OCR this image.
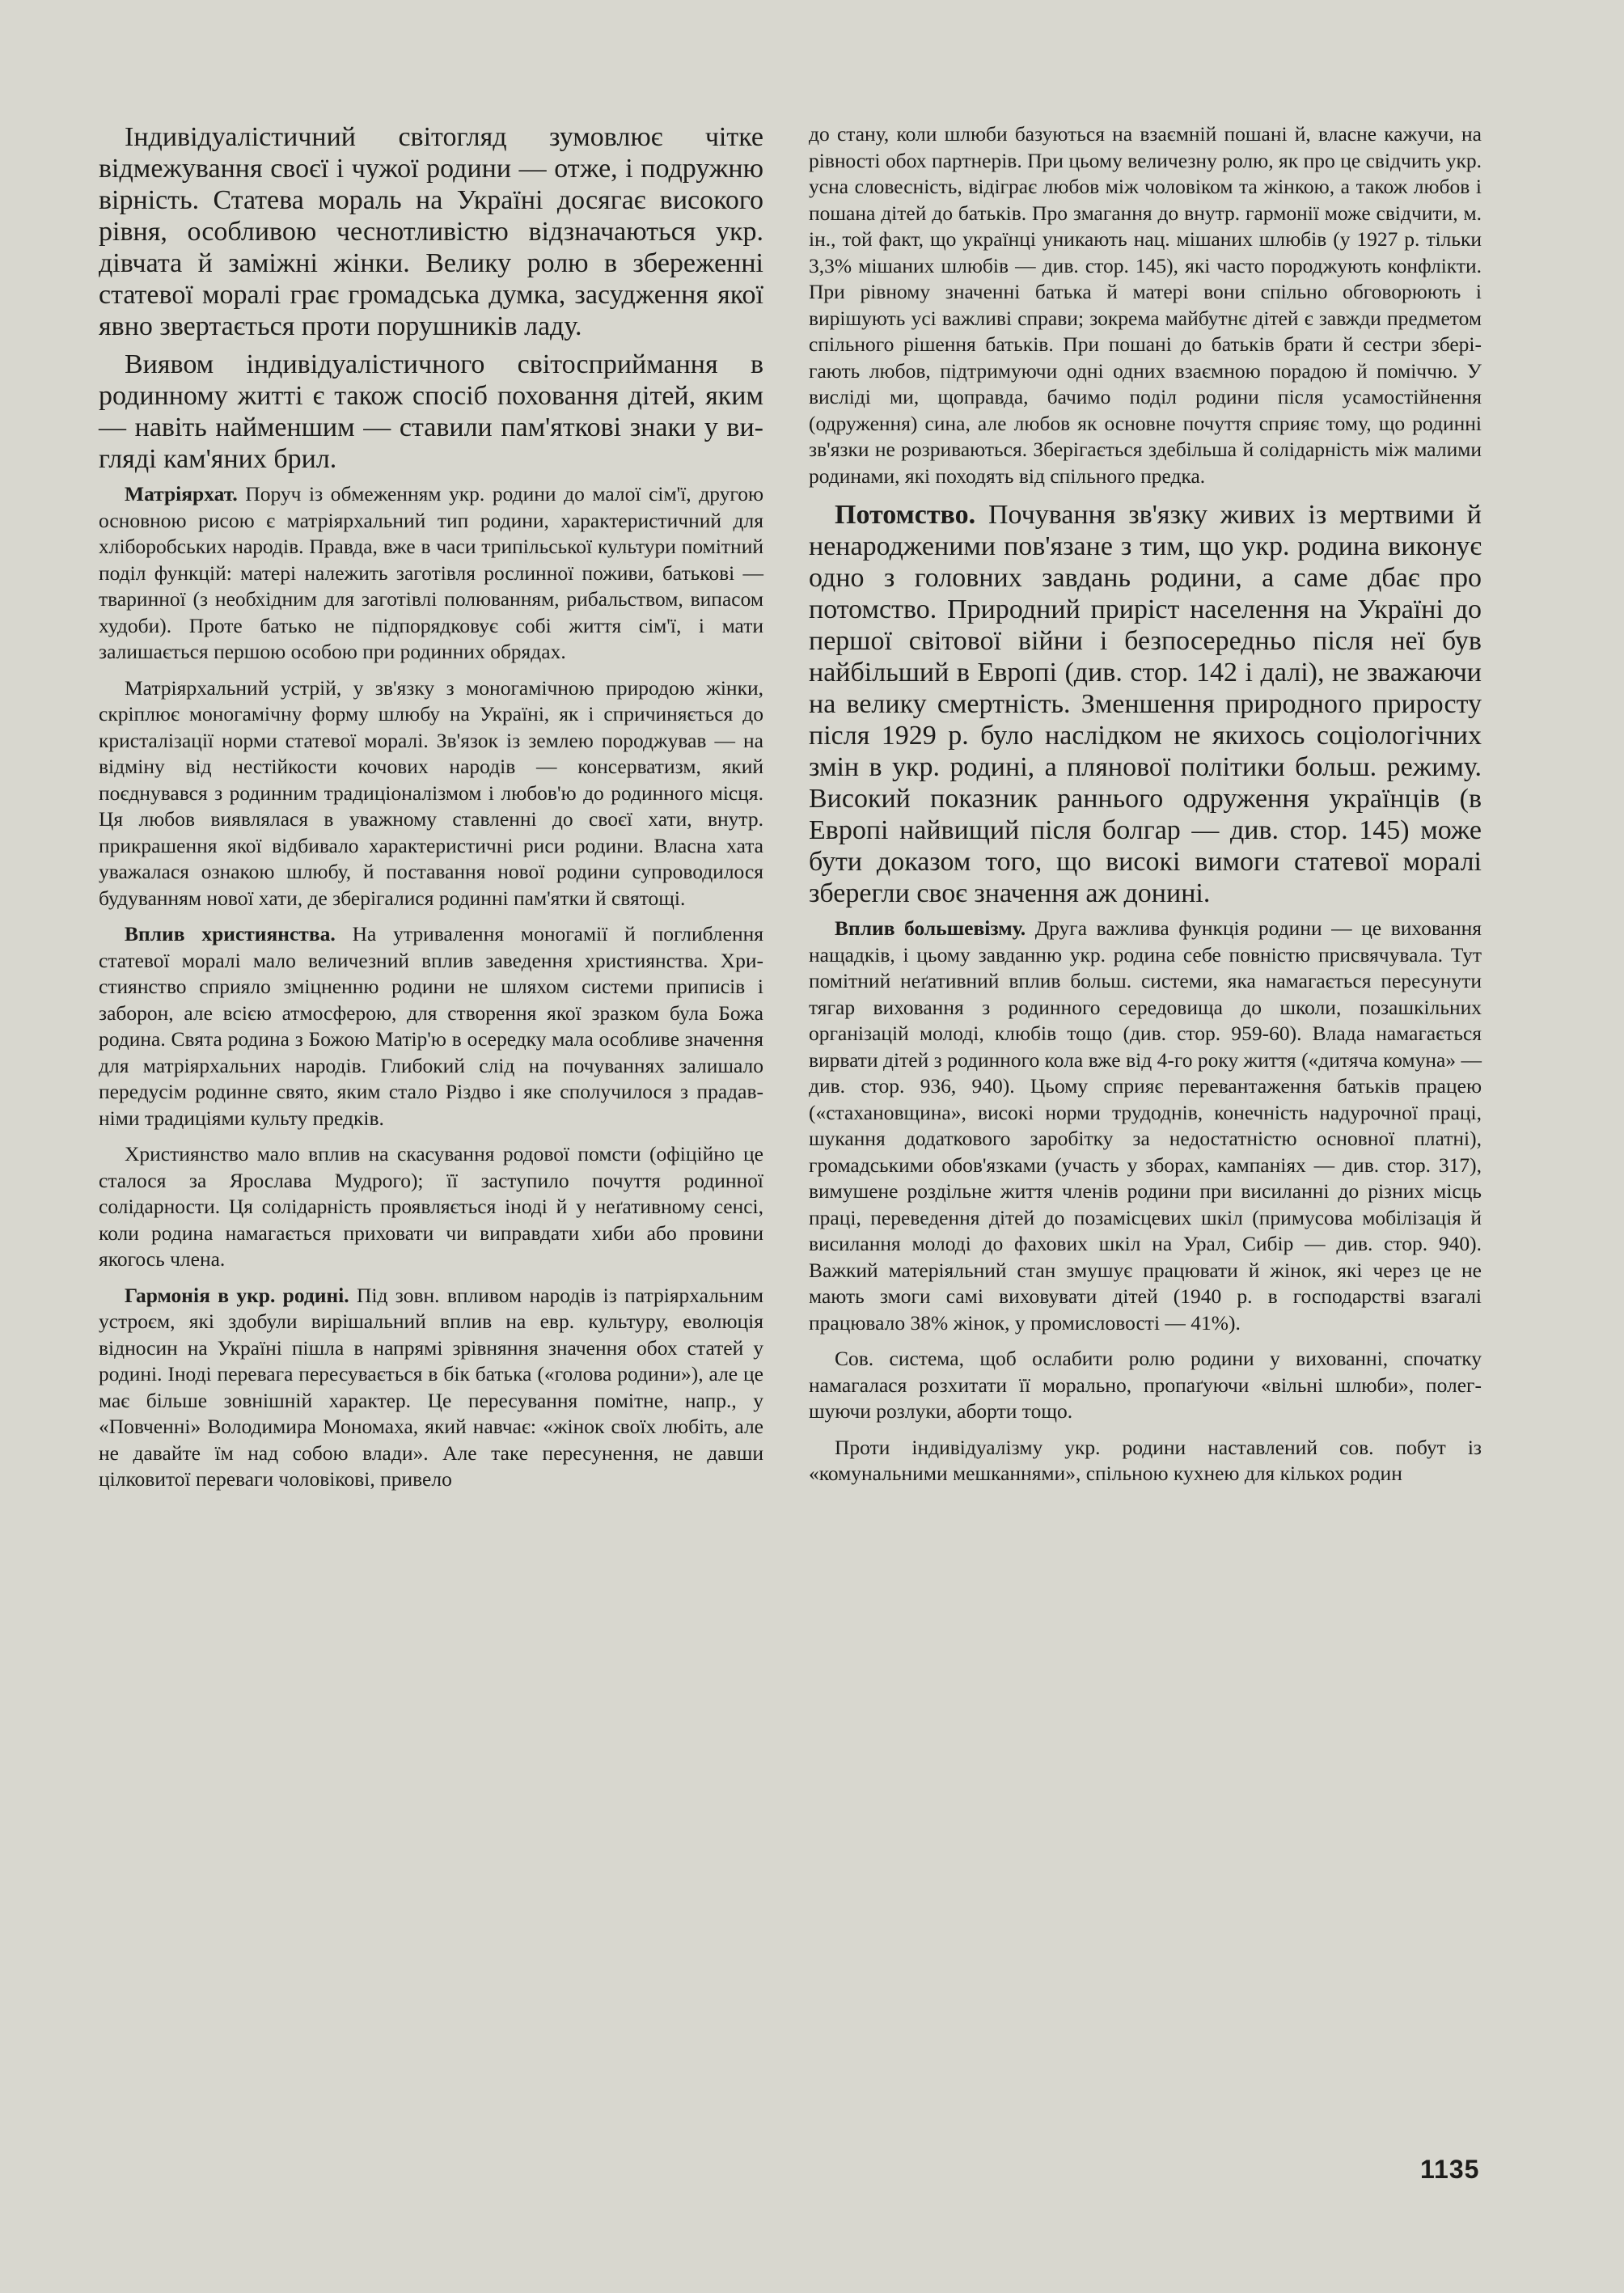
Індивідуалістичний світогляд зумовлює чітке відмежування своєї і чужої родини — отже, і подружню вірність. Статева мораль на Україні досягає високого рівня, особливою чеснотливістю відзначаються укр. дівчата й заміжні жінки. Велику ролю в збереженні статевої моралі грає громадська думка, засудження якої явно звертається проти порушників ладу.

Виявом індивідуалістичного світосприймання в родинному житті є також спосіб поховання дітей, яким — навіть найменшим — ставили пам'яткові знаки у вигляді кам'яних брил.

Матріярхат. Поруч із обмеженням укр. родини до малої сім'ї, другою основною рисою є матріярхальний тип родини, характеристичний для хліборобських народів. Правда, вже в часи трипільської культури помітний поділ функцій: матері належить заготівля рослинної поживи, батькові — тваринної (з необхідним для заготівлі полюванням, рибальством, випасом худоби). Проте батько не підпорядковує собі життя сім'ї, і мати залишається першою особою при родинних обрядах.

Матріярхальний устрій, у зв'язку з моногамічною природою жінки, скріплює моногамічну форму шлюбу на Україні, як і спричиняється до кристалізації норми статевої моралі. Зв'язок із землею породжував — на відміну від нестійкости кочових народів — консерватизм, який поєднувався з родинним традиціоналізмом і любов'ю до родинного місця. Ця любов виявлялася в уважному ставленні до своєї хати, внутр. прикрашення якої відбивало характеристичні риси родини. Власна хата уважалася ознакою шлюбу, й поставання нової родини супроводилося будуванням нової хати, де зберігалися родинні пам'ятки й святощі.

Вплив християнства. На утривалення моногамії й поглиблення статевої моралі мало величезний вплив заведення християнства. Християнство сприяло зміцненню родини не шляхом системи приписів і заборон, але всією атмосферою, для створення якої зразком була Божа родина. Свята родина з Божою Матір'ю в осередку мала особливе значення для матріярхальних народів. Глибокий слід на почуваннях залишало передусім родинне свято, яким стало Різдво і яке сполучилося з прадавніми традиціями культу предків.

Християнство мало вплив на скасування родової помсти (офіційно це сталося за Ярослава Мудрого); її заступило почуття родинної солідарности. Ця солідарність проявляється іноді й у неґативному сенсі, коли родина намагається приховати чи виправдати хиби або провини якогось члена.

Гармонія в укр. родині. Під зовн. впливом народів із патріярхальним устроєм, які здобули вирішальний вплив на евр. культуру, еволюція відносин на Україні пішла в напрямі зрівняння значення обох статей у родині. Іноді перевага пересувається в бік батька («голова родини»), але це має більше зовнішній характер. Це пересування помітне, напр., у «Повченні» Володимира Мономаха, який навчає: «жінок своїх любіть, але не давайте їм над собою влади». Але таке пересунення, не давши цілковитої переваги чоловікові, привело

до стану, коли шлюби базуються на взаємній пошані й, власне кажучи, на рівності обох партнерів. При цьому величезну ролю, як про це свідчить укр. усна словесність, відіграє любов між чоловіком та жінкою, а також любов і пошана дітей до батьків. Про змагання до внутр. гармонії може свідчити, м. ін., той факт, що українці уникають нац. мішаних шлюбів (у 1927 р. тільки 3,3% мішаних шлюбів — див. стор. 145), які часто породжують конфлікти. При рівному значенні батька й матері вони спільно обговорюють і вирішують усі важливі справи; зокрема майбутнє дітей є завжди предметом спільного рішення батьків. При пошані до батьків брати й сестри зберігають любов, підтримуючи одні одних взаємною порадою й поміччю. У висліді ми, щоправда, бачимо поділ родини після усамостійнення (одруження) сина, але любов як основне почуття сприяє тому, що родинні зв'язки не розриваються. Зберігається здебільша й солідарність між малими родинами, які походять від спільного предка.

Потомство. Почування зв'язку живих із мертвими й ненародженими пов'язане з тим, що укр. родина виконує одно з головних завдань родини, а саме дбає про потомство. Природний приріст населення на Україні до першої світової війни і безпосередньо після неї був найбільший в Европі (див. стор. 142 і далі), не зважаючи на велику смертність. Зменшення природного приросту після 1929 р. було наслідком не якихось соціологічних змін в укр. родині, а плянової політики больш. режиму. Високий показник раннього одруження українців (в Европі найвищий після болгар — див. стор. 145) може бути доказом того, що високі вимоги статевої моралі зберегли своє значення аж донині.

Вплив большевізму. Друга важлива функція родини — це виховання нащадків, і цьому завданню укр. родина себе повністю присвячувала. Тут помітний неґативний вплив больш. системи, яка намагається пересунути тягар виховання з родинного середовища до школи, позашкільних організацій молоді, клюбів тощо (див. стор. 959-60). Влада намагається вирвати дітей з родинного кола вже від 4-го року життя («дитяча комуна» — див. стор. 936, 940). Цьому сприяє перевантаження батьків працею («стахановщина», високі норми трудоднів, конечність надурочної праці, шукання додаткового заробітку за недостатністю основної платні), громадськими обов'язками (участь у зборах, кампаніях — див. стор. 317), вимушене роздільне життя членів родини при висиланні до різних місць праці, переведення дітей до позамісцевих шкіл (примусова мобілізація й висилання молоді до фахових шкіл на Урал, Сибір — див. стор. 940). Важкий матеріяльний стан змушує працювати й жінок, які через це не мають змоги самі виховувати дітей (1940 р. в господарстві взагалі працювало 38% жінок, у промисловості — 41%).

Сов. система, щоб ослабити ролю родини у вихованні, спочатку намагалася розхитати її морально, пропаґуючи «вільні шлюби», полегшуючи розлуки, аборти тощо.

Проти індивідуалізму укр. родини наставлений сов. побут із «комунальними мешканнями», спільною кухнею для кількох родин

1135
